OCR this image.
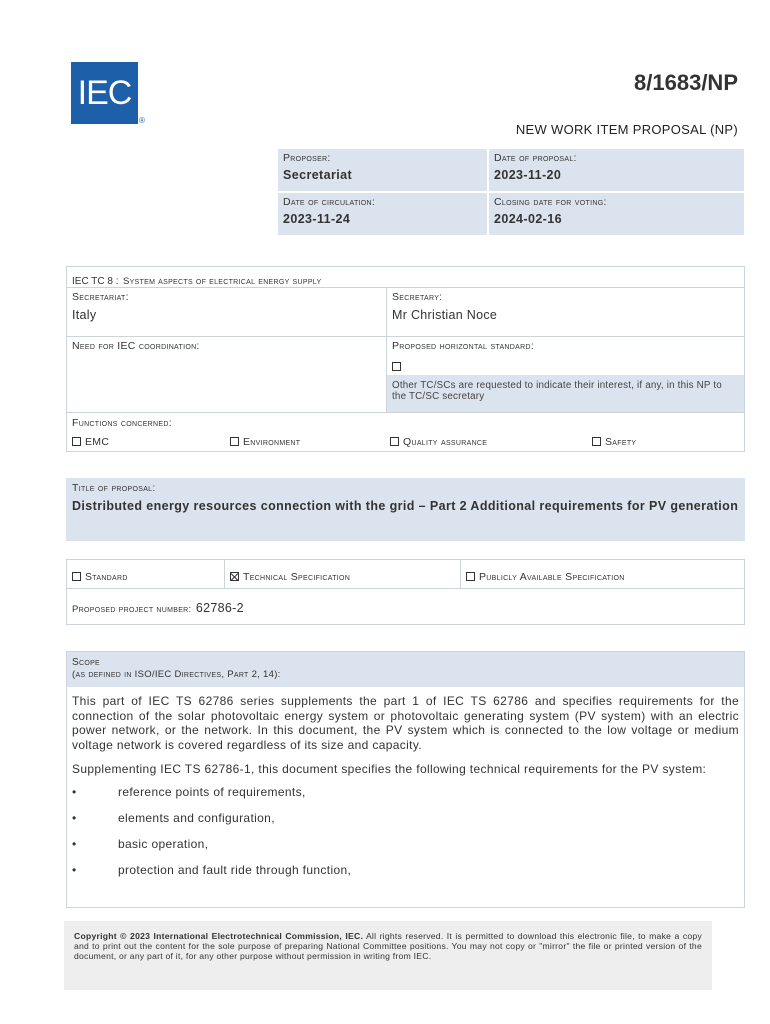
IEC
®
8/1683/NP
NEW WORK ITEM PROPOSAL (NP)
Proposer:
Secretariat
Date of proposal:
2023-11-20
Date of circulation:
2023-11-24
Closing date for voting:
2024-02-16
IEC TC 8 : System aspects of electrical energy supply
Secretariat:
Italy
Secretary:
Mr Christian Noce
Need for IEC coordination:	Proposed horizontal standard:
Other TC/SCs are requested to indicate their interest, if any, in this NP to the TC/SC secretary
Functions concerned:
EMC	Environment	Quality assurance	Safety
Title of proposal:
Distributed energy resources connection with the grid – Part 2 Additional requirements for PV generation
Standard	Technical Specification	Publicly Available Specification
Proposed project number: 62786-2
Scope
(as defined in ISO/IEC Directives, Part 2, 14):

This part of IEC TS 62786 series supplements the part 1 of IEC TS 62786 and specifies requirements for the connection of the solar photovoltaic energy system or photovoltaic generating system (PV system) with an electric power network, or the network. In this document, the PV system which is connected to the low voltage or medium voltage network is covered regardless of its size and capacity.

Supplementing IEC TS 62786-1, this document specifies the following technical requirements for the PV system:

•	reference points of requirements,
•	elements and configuration,
•	basic operation,
•	protection and fault ride through function,
Copyright © 2023 International Electrotechnical Commission, IEC. All rights reserved. It is permitted to download this electronic file, to make a copy and to print out the content for the sole purpose of preparing National Committee positions. You may not copy or "mirror" the file or printed version of the document, or any part of it, for any other purpose without permission in writing from IEC.
